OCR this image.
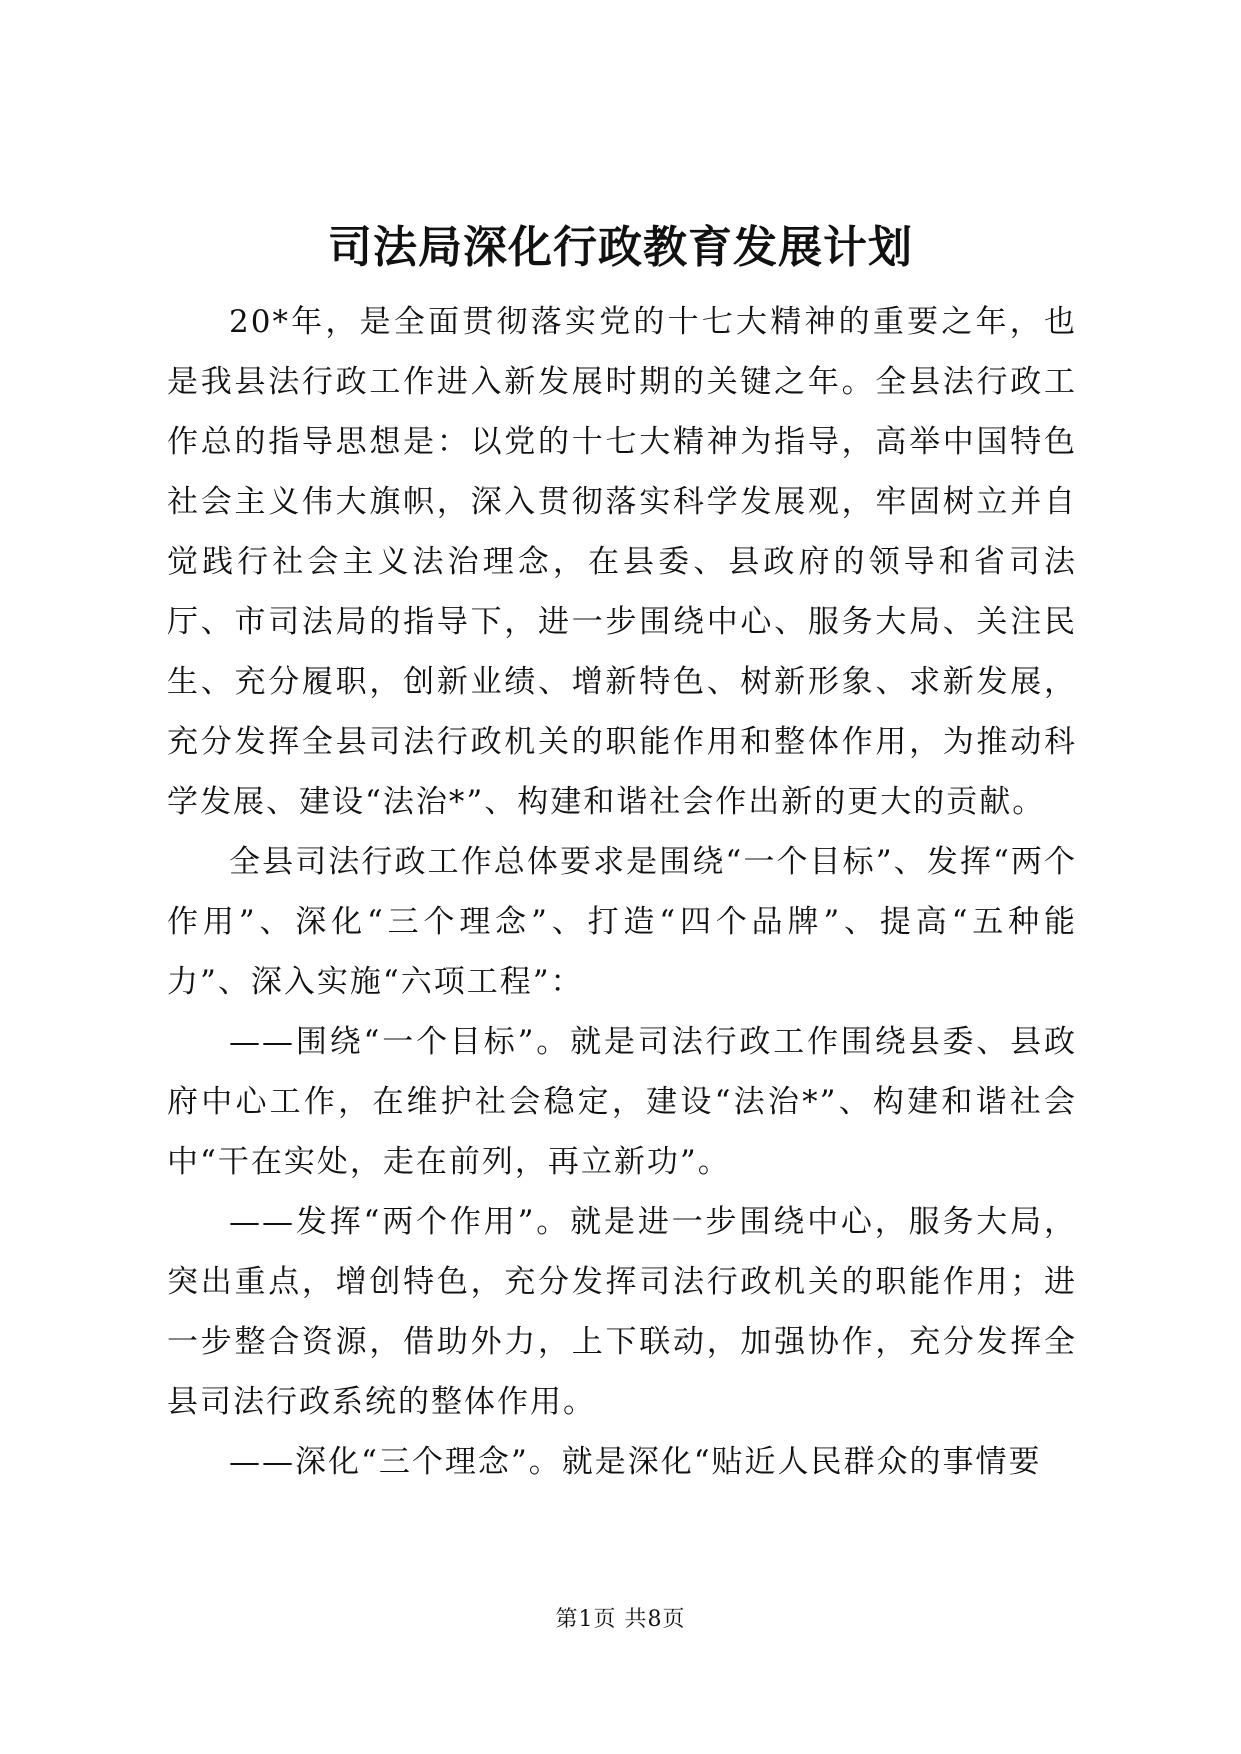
司法局深化行政教育发展计划

20*年，是全面贯彻落实党的十七大精神的重要之年，也是我县法行政工作进入新发展时期的关键之年。全县法行政工作总的指导思想是：以党的十七大精神为指导，高举中国特色社会主义伟大旗帜，深入贯彻落实科学发展观，牢固树立并自觉践行社会主义法治理念，在县委、县政府的领导和省司法厅、市司法局的指导下，进一步围绕中心、服务大局、关注民生、充分履职，创新业绩、增新特色、树新形象、求新发展，充分发挥全县司法行政机关的职能作用和整体作用，为推动科学发展、建设“法治*”、构建和谐社会作出新的更大的贡献。

全县司法行政工作总体要求是围绕“一个目标”、发挥“两个作用”、深化“三个理念”、打造“四个品牌”、提高“五种能力”、深入实施“六项工程”：

——围绕“一个目标”。就是司法行政工作围绕县委、县政府中心工作，在维护社会稳定，建设“法治*”、构建和谐社会中“干在实处，走在前列，再立新功”。

——发挥“两个作用”。就是进一步围绕中心，服务大局，突出重点，增创特色，充分发挥司法行政机关的职能作用；进一步整合资源，借助外力，上下联动，加强协作，充分发挥全县司法行政系统的整体作用。

——深化“三个理念”。就是深化“贴近人民群众的事情要

第1页 共8页
